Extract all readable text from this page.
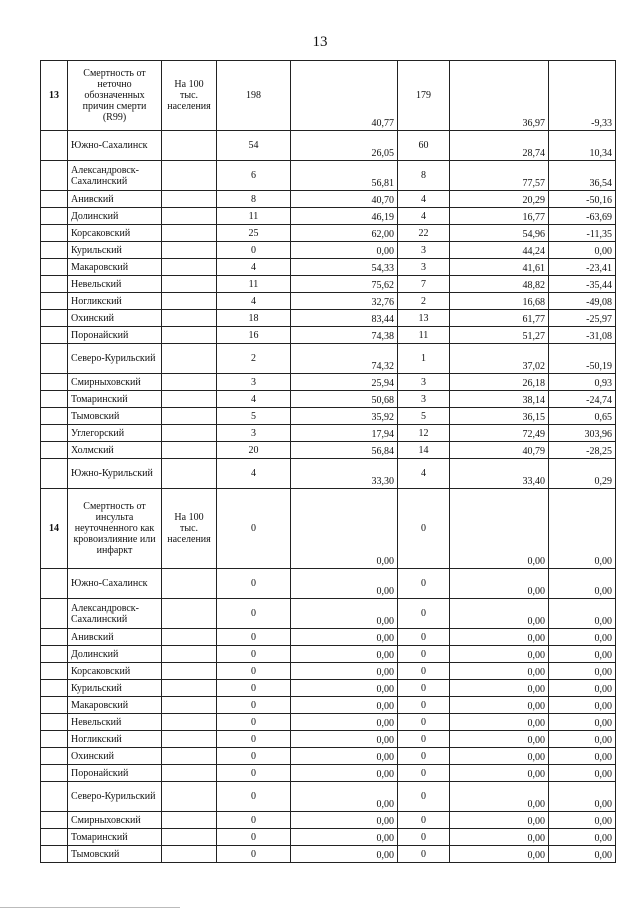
13
13	Смертность от неточно обозначенных причин смерти (R99)	На 100 тыс. населения	198	40,77	179	36,97	-9,33
	Южно-Сахалинск		54	26,05	60	28,74	10,34
	Александровск-Сахалинский		6	56,81	8	77,57	36,54
	Анивский		8	40,70	4	20,29	-50,16
	Долинский		11	46,19	4	16,77	-63,69
	Корсаковский		25	62,00	22	54,96	-11,35
	Курильский		0	0,00	3	44,24	0,00
	Макаровский		4	54,33	3	41,61	-23,41
	Невельский		11	75,62	7	48,82	-35,44
	Ногликский		4	32,76	2	16,68	-49,08
	Охинский		18	83,44	13	61,77	-25,97
	Поронайский		16	74,38	11	51,27	-31,08
	Северо-Курильский		2	74,32	1	37,02	-50,19
	Смирныховский		3	25,94	3	26,18	0,93
	Томаринский		4	50,68	3	38,14	-24,74
	Тымовский		5	35,92	5	36,15	0,65
	Углегорский		3	17,94	12	72,49	303,96
	Холмский		20	56,84	14	40,79	-28,25
	Южно-Курильский		4	33,30	4	33,40	0,29
14	Смертность от инсульта неуточненного как кровоизлияние или инфаркт	На 100 тыс. населения	0	0,00	0	0,00	0,00
	Южно-Сахалинск		0	0,00	0	0,00	0,00
	Александровск-Сахалинский		0	0,00	0	0,00	0,00
	Анивский		0	0,00	0	0,00	0,00
	Долинский		0	0,00	0	0,00	0,00
	Корсаковский		0	0,00	0	0,00	0,00
	Курильский		0	0,00	0	0,00	0,00
	Макаровский		0	0,00	0	0,00	0,00
	Невельский		0	0,00	0	0,00	0,00
	Ногликский		0	0,00	0	0,00	0,00
	Охинский		0	0,00	0	0,00	0,00
	Поронайский		0	0,00	0	0,00	0,00
	Северо-Курильский		0	0,00	0	0,00	0,00
	Смирныховский		0	0,00	0	0,00	0,00
	Томаринский		0	0,00	0	0,00	0,00
	Тымовский		0	0,00	0	0,00	0,00
